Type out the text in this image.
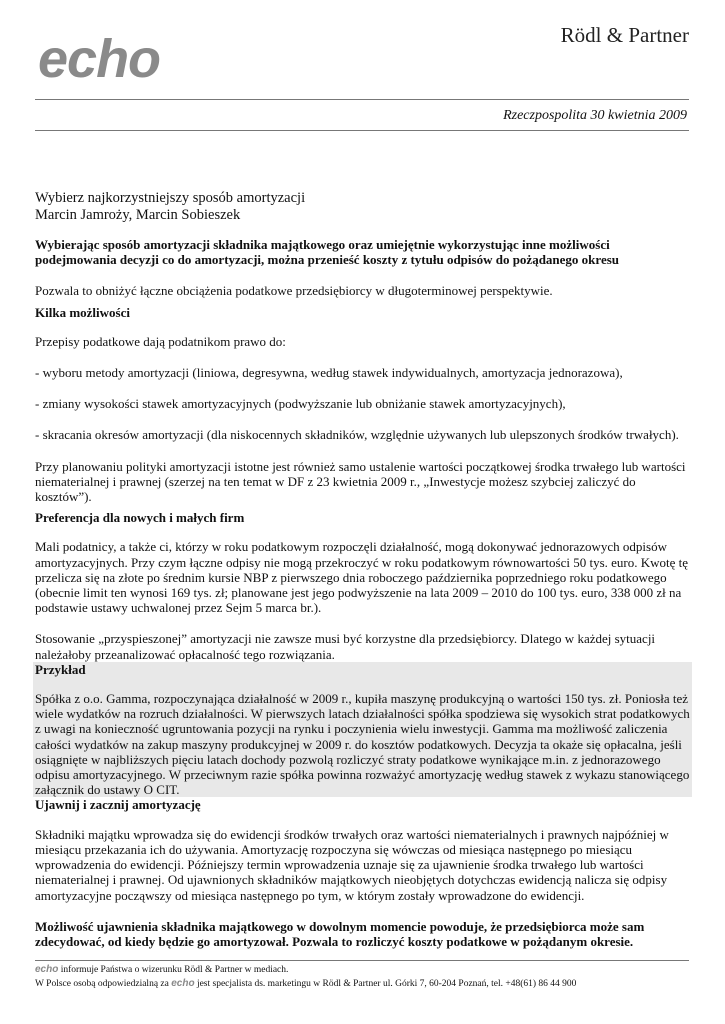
echo	Rödl & Partner
Rzeczpospolita 30 kwietnia 2009

Wybierz najkorzystniejszy sposób amortyzacji

Marcin Jamroży, Marcin Sobieszek

Wybierając sposób amortyzacji składnika majątkowego oraz umiejętnie wykorzystując inne możliwości podejmowania decyzji co do amortyzacji, można przenieść koszty z tytułu odpisów do pożądanego okresu

Pozwala to obniżyć łączne obciążenia podatkowe przedsiębiorcy w długoterminowej perspektywie.

Kilka możliwości

Przepisy podatkowe dają podatnikom prawo do:

- wyboru metody amortyzacji (liniowa, degresywna, według stawek indywidualnych, amortyzacja jednorazowa),

- zmiany wysokości stawek amortyzacyjnych (podwyższanie lub obniżanie stawek amortyzacyjnych),

- skracania okresów amortyzacji (dla niskocennych składników, względnie używanych lub ulepszonych środków trwałych).

Przy planowaniu polityki amortyzacji istotne jest również samo ustalenie wartości początkowej środka trwałego lub wartości niematerialnej i prawnej (szerzej na ten temat w DF z 23 kwietnia 2009 r., „Inwestycje możesz szybciej zaliczyć do kosztów”).

Preferencja dla nowych i małych firm

Mali podatnicy, a także ci, którzy w roku podatkowym rozpoczęli działalność, mogą dokonywać jednorazowych odpisów amortyzacyjnych. Przy czym łączne odpisy nie mogą przekroczyć w roku podatkowym równowartości 50 tys. euro. Kwotę tę przelicza się na złote po średnim kursie NBP z pierwszego dnia roboczego października poprzedniego roku podatkowego (obecnie limit ten wynosi 169 tys. zł; planowane jest jego podwyższenie na lata 2009 – 2010 do 100 tys. euro, 338 000 zł na podstawie ustawy uchwalonej przez Sejm 5 marca br.).

Stosowanie „przyspieszonej” amortyzacji nie zawsze musi być korzystne dla przedsiębiorcy. Dlatego w każdej sytuacji należałoby przeanalizować opłacalność tego rozwiązania.

Przykład

Spółka z o.o. Gamma, rozpoczynająca działalność w 2009 r., kupiła maszynę produkcyjną o wartości 150 tys. zł. Poniosła też wiele wydatków na rozruch działalności. W pierwszych latach działalności spółka spodziewa się wysokich strat podatkowych z uwagi na konieczność ugruntowania pozycji na rynku i poczynienia wielu inwestycji. Gamma ma możliwość zaliczenia całości wydatków na zakup maszyny produkcyjnej w 2009 r. do kosztów podatkowych. Decyzja ta okaże się opłacalna, jeśli osiągnięte w najbliższych pięciu latach dochody pozwolą rozliczyć straty podatkowe wynikające m.in. z jednorazowego odpisu amortyzacyjnego. W przeciwnym razie spółka powinna rozważyć amortyzację według stawek z wykazu stanowiącego załącznik do ustawy O CIT.

Ujawnij i zacznij amortyzację

Składniki majątku wprowadza się do ewidencji środków trwałych oraz wartości niematerialnych i prawnych najpóźniej w miesiącu przekazania ich do używania. Amortyzację rozpoczyna się wówczas od miesiąca następnego po miesiącu wprowadzenia do ewidencji. Późniejszy termin wprowadzenia uznaje się za ujawnienie środka trwałego lub wartości niematerialnej i prawnej. Od ujawnionych składników majątkowych nieobjętych dotychczas ewidencją nalicza się odpisy amortyzacyjne począwszy od miesiąca następnego po tym, w którym zostały wprowadzone do ewidencji.

Możliwość ujawnienia składnika majątkowego w dowolnym momencie powoduje, że przedsiębiorca może sam zdecydować, od kiedy będzie go amortyzował. Pozwala to rozliczyć koszty podatkowe w pożądanym okresie.

echo informuje Państwa o wizerunku Rödl & Partner w mediach.
W Polsce osobą odpowiedzialną za echo jest specjalista ds. marketingu w Rödl & Partner ul. Górki 7, 60-204 Poznań, tel. +48(61) 86 44 900
